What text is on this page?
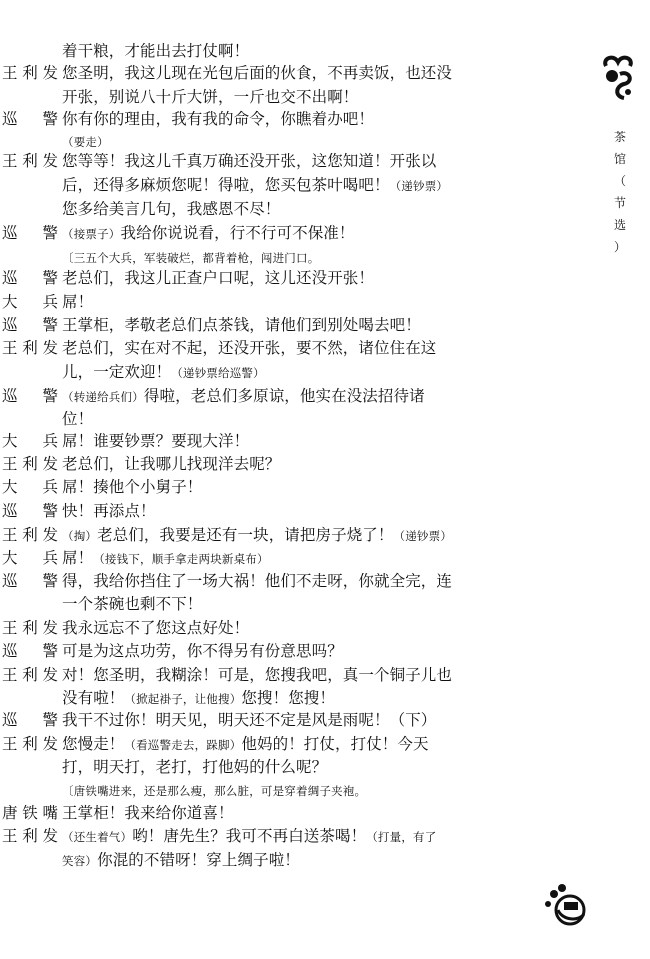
茶
馆
（
节
选
）
着干粮，才能出去打仗啊！
王利发 您圣明，我这儿现在光包后面的伙食，不再卖饭，也还没
开张，别说八十斤大饼，一斤也交不出啊！
巡　警 你有你的理由，我有我的命令，你瞧着办吧！
（要走）
王利发 您等等！我这儿千真万确还没开张，这您知道！开张以
后，还得多麻烦您呢！得啦，您买包茶叶喝吧！（递钞票）
您多给美言几句，我感恩不尽！
巡　警 （接票子）我给你说说看，行不行可不保准！
〔三五个大兵，军装破烂，都背着枪，闯进门口。
巡　警 老总们，我这儿正查户口呢，这儿还没开张！
大　兵 屌！
巡　警 王掌柜，孝敬老总们点茶钱，请他们到别处喝去吧！
王利发 老总们，实在对不起，还没开张，要不然，诸位住在这
儿，一定欢迎！（递钞票给巡警）
巡　警 （转递给兵们）得啦，老总们多原谅，他实在没法招待诸
位！
大　兵 屌！谁要钞票？要现大洋！
王利发 老总们，让我哪儿找现洋去呢？
大　兵 屌！揍他个小舅子！
巡　警 快！再添点！
王利发 （掏）老总们，我要是还有一块，请把房子烧了！（递钞票）
大　兵 屌！（接钱下，顺手拿走两块新桌布）
巡　警 得，我给你挡住了一场大祸！他们不走呀，你就全完，连
一个茶碗也剩不下！
王利发 我永远忘不了您这点好处！
巡　警 可是为这点功劳，你不得另有份意思吗？
王利发 对！您圣明，我糊涂！可是，您搜我吧，真一个铜子儿也
没有啦！（掀起褂子，让他搜）您搜！您搜！
巡　警 我干不过你！明天见，明天还不定是风是雨呢！（下）
王利发 您慢走！（看巡警走去，跺脚）他妈的！打仗，打仗！今天
打，明天打，老打，打他妈的什么呢？
〔唐铁嘴进来，还是那么瘦，那么脏，可是穿着绸子夹袍。
唐铁嘴 王掌柜！我来给你道喜！
王利发 （还生着气）哟！唐先生？我可不再白送茶喝！（打量，有了
笑容）你混的不错呀！穿上绸子啦！
